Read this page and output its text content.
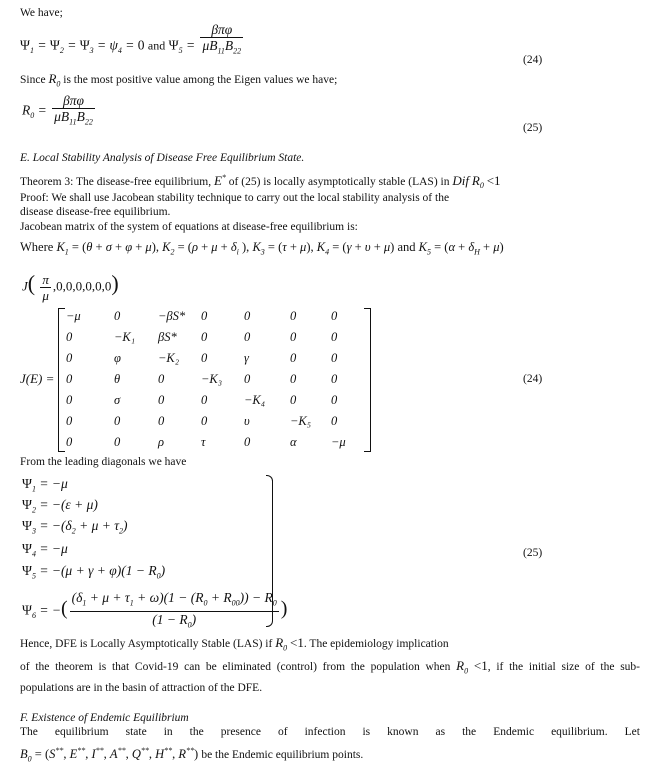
We have;
$\Psi_1 = \Psi_2 = \Psi_3 = \psi_4 = 0$ and $\Psi_5 = \frac{\text{βπφ}}{\mu B_{11}B_{22}}$
(24)
Since $R_0$ is the most positive value among the Eigen values we have;
$R_0 = \frac{\text{βπφ}}{\mu B_{11}B_{22}}$	(25)
E. Local Stability Analysis of Disease Free Equilibrium State.
Theorem 3: The disease-free equilibrium, E* of (25) is locally asymptotically stable (LAS) in Dif $R_0 <1$
Proof: We shall use Jacobean stability technique to carry out the local stability analysis of the
disease disease-free equilibrium.
Jacobean matrix of the system of equations at disease-free equilibrium is:
Where $K_1 = (\theta + \sigma + \varphi + \mu)$, $K_2 = (\rho + \mu + \delta_i$ ), $K_3 = (\tau + \mu)$, $K_4 = (\gamma + \upsilon + \mu)$ and $K_5 = (\alpha + \delta_H + \mu)$
$J( \frac{\pi}{\mu} ,0,0,0,0,0,0)$
J(E) =
−μ	0	−βS* 0	0	0	0
0	−K₁ βS* 0	0	0	0
0	φ	−K₂ 0	γ	0	0
0	θ	0	−K₃ 0	0	0
0	σ	0	0	−K₄ 0	0
0	0	0	0	υ	−K₅ 0
0	0	ρ	τ	0	α	−μ
(24)
From the leading diagonals we have
$\Psi_1 = -\mu$
$\Psi_2 = -(\varepsilon + \mu)$
$\Psi_3 = -(\delta_2 + \mu + \tau_2)$
$\Psi_4 = -\mu$
$\Psi_5 = -(\mu + \gamma + \varphi)(1 - R_0)$
$\Psi_6$ = −( $\frac{(\delta_1 + \mu + \tau_1 + \omega)(1 - (R_0 + R_{00})) - R_0}{(1 - R_0)}$ )
(25)
Hence, DFE is Locally Asymptotically Stable (LAS) if $R_0 <1$. The epidemiology implication
of the theorem is that Covid-19 can be eliminated (control) from the population when $R_0 <1$, if the initial size of the sub-
populations are in the basin of attraction of the DFE.
F. Existence of Endemic Equilibrium
The equilibrium state in the presence of infection is known as the Endemic equilibrium. Let
$B_0 = (S^{**}$, E**, I**, A**, Q**, H**, R**) be the Endemic equilibrium points.
